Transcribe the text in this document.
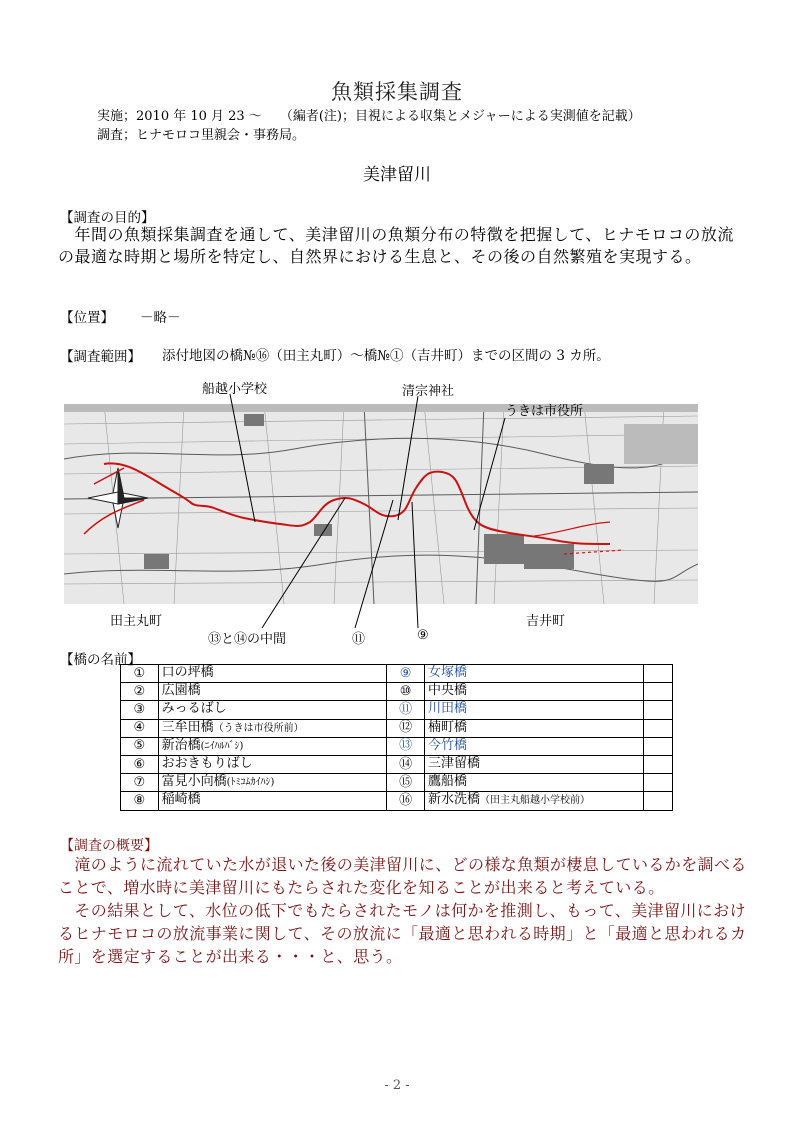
魚類採集調査
実施；2010 年 10 月 23 ～ （編者(注)；目視による収集とメジャーによる実測値を記載）
調査；ヒナモロコ里親会・事務局。
美津留川
【調査の目的】
　年間の魚類採集調査を通して、美津留川の魚類分布の特徴を把握して、ヒナモロコの放流の最適な時期と場所を特定し、自然界における生息と、その後の自然繁殖を実現する。
【位置】 －略－
【調査範囲】 添付地図の橋№⑯（田主丸町）～橋№①（吉井町）までの区間の 3 カ所。
船越小学校	清宗神社
うきは市役所
田主丸町	吉井町
⑬と⑭の中間	⑪	⑨
【橋の名前】
①	口の坪橋	⑨	女塚橋	
②	広園橋	⑩	中央橋	
③	みっるばし	⑪	川田橋	
④	三牟田橋（うきは市役所前）	⑫	楠町橋	
⑤	新治橋(ﾆｲﾊﾙﾊﾞｼ)	⑬	今竹橋	
⑥	おおきもりばし	⑭	三津留橋	
⑦	富見小向橋(ﾄﾐｺﾑｶｲﾊｼ)	⑮	鷹船橋	
⑧	稲崎橋	⑯	新水洗橋（田主丸船越小学校前）	
【調査の概要】

　滝のように流れていた水が退いた後の美津留川に、どの様な魚類が棲息しているかを調べることで、増水時に美津留川にもたらされた変化を知ることが出来ると考えている。

　その結果として、水位の低下でもたらされたモノは何かを推測し、もって、美津留川におけるヒナモロコの放流事業に関して、その放流に「最適と思われる時期」と「最適と思われるカ所」を選定することが出来る・・・と、思う。

- 2 -
